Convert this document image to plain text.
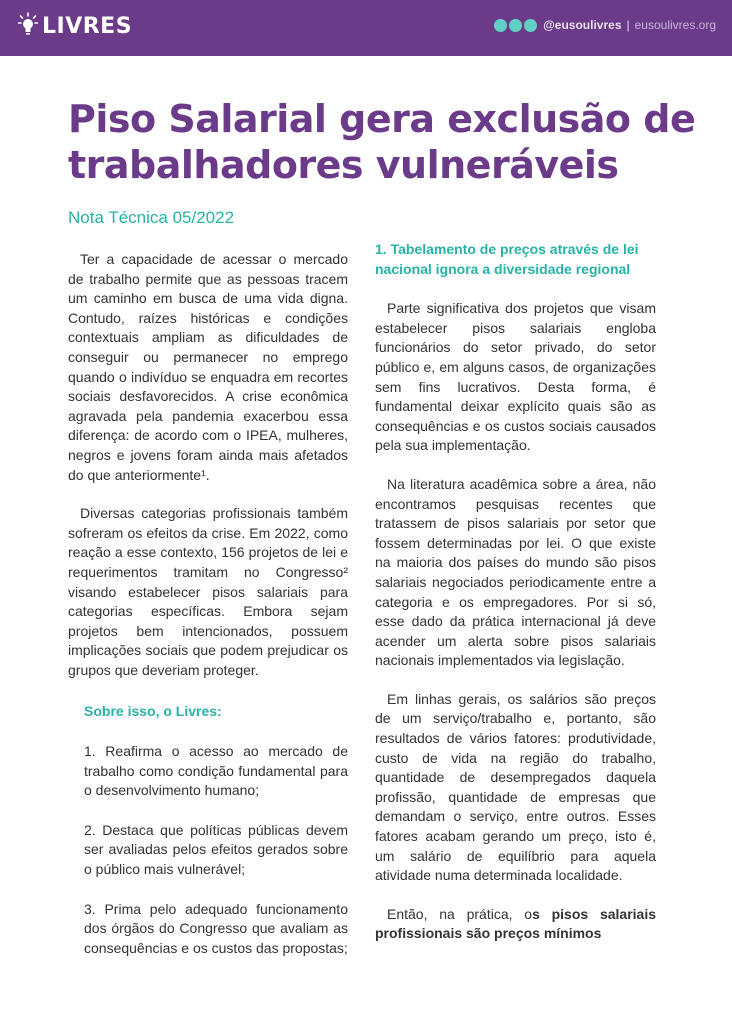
LIVRES	@eusoulivres | eusoulivres.org
Piso Salarial gera exclusão de trabalhadores vulneráveis
Nota Técnica 05/2022

Ter a capacidade de acessar o mercado de trabalho permite que as pessoas tracem um caminho em busca de uma vida digna. Contudo, raízes históricas e condições contextuais ampliam as dificuldades de conseguir ou permanecer no emprego quando o indivíduo se enquadra em recortes sociais desfavorecidos. A crise econômica agravada pela pandemia exacerbou essa diferença: de acordo com o IPEA, mulheres, negros e jovens foram ainda mais afetados do que anteriormente¹.

Diversas categorias profissionais também sofreram os efeitos da crise. Em 2022, como reação a esse contexto, 156 projetos de lei e requerimentos tramitam no Congresso² visando estabelecer pisos salariais para categorias específicas. Embora sejam projetos bem intencionados, possuem implicações sociais que podem prejudicar os grupos que deveriam proteger.

Sobre isso, o Livres:

1. Reafirma o acesso ao mercado de trabalho como condição fundamental para o desenvolvimento humano;

2. Destaca que políticas públicas devem ser avaliadas pelos efeitos gerados sobre o público mais vulnerável;

3. Prima pelo adequado funcionamento dos órgãos do Congresso que avaliam as consequências e os custos das propostas;

1. Tabelamento de preços através de lei nacional ignora a diversidade regional

Parte significativa dos projetos que visam estabelecer pisos salariais engloba funcionários do setor privado, do setor público e, em alguns casos, de organizações sem fins lucrativos. Desta forma, é fundamental deixar explícito quais são as consequências e os custos sociais causados pela sua implementação.

Na literatura acadêmica sobre a área, não encontramos pesquisas recentes que tratassem de pisos salariais por setor que fossem determinadas por lei. O que existe na maioria dos países do mundo são pisos salariais negociados periodicamente entre a categoria e os empregadores. Por si só, esse dado da prática internacional já deve acender um alerta sobre pisos salariais nacionais implementados via legislação.

Em linhas gerais, os salários são preços de um serviço/trabalho e, portanto, são resultados de vários fatores: produtividade, custo de vida na região do trabalho, quantidade de desempregados daquela profissão, quantidade de empresas que demandam o serviço, entre outros. Esses fatores acabam gerando um preço, isto é, um salário de equilíbrio para aquela atividade numa determinada localidade.

Então, na prática, os pisos salariais profissionais são preços mínimos
